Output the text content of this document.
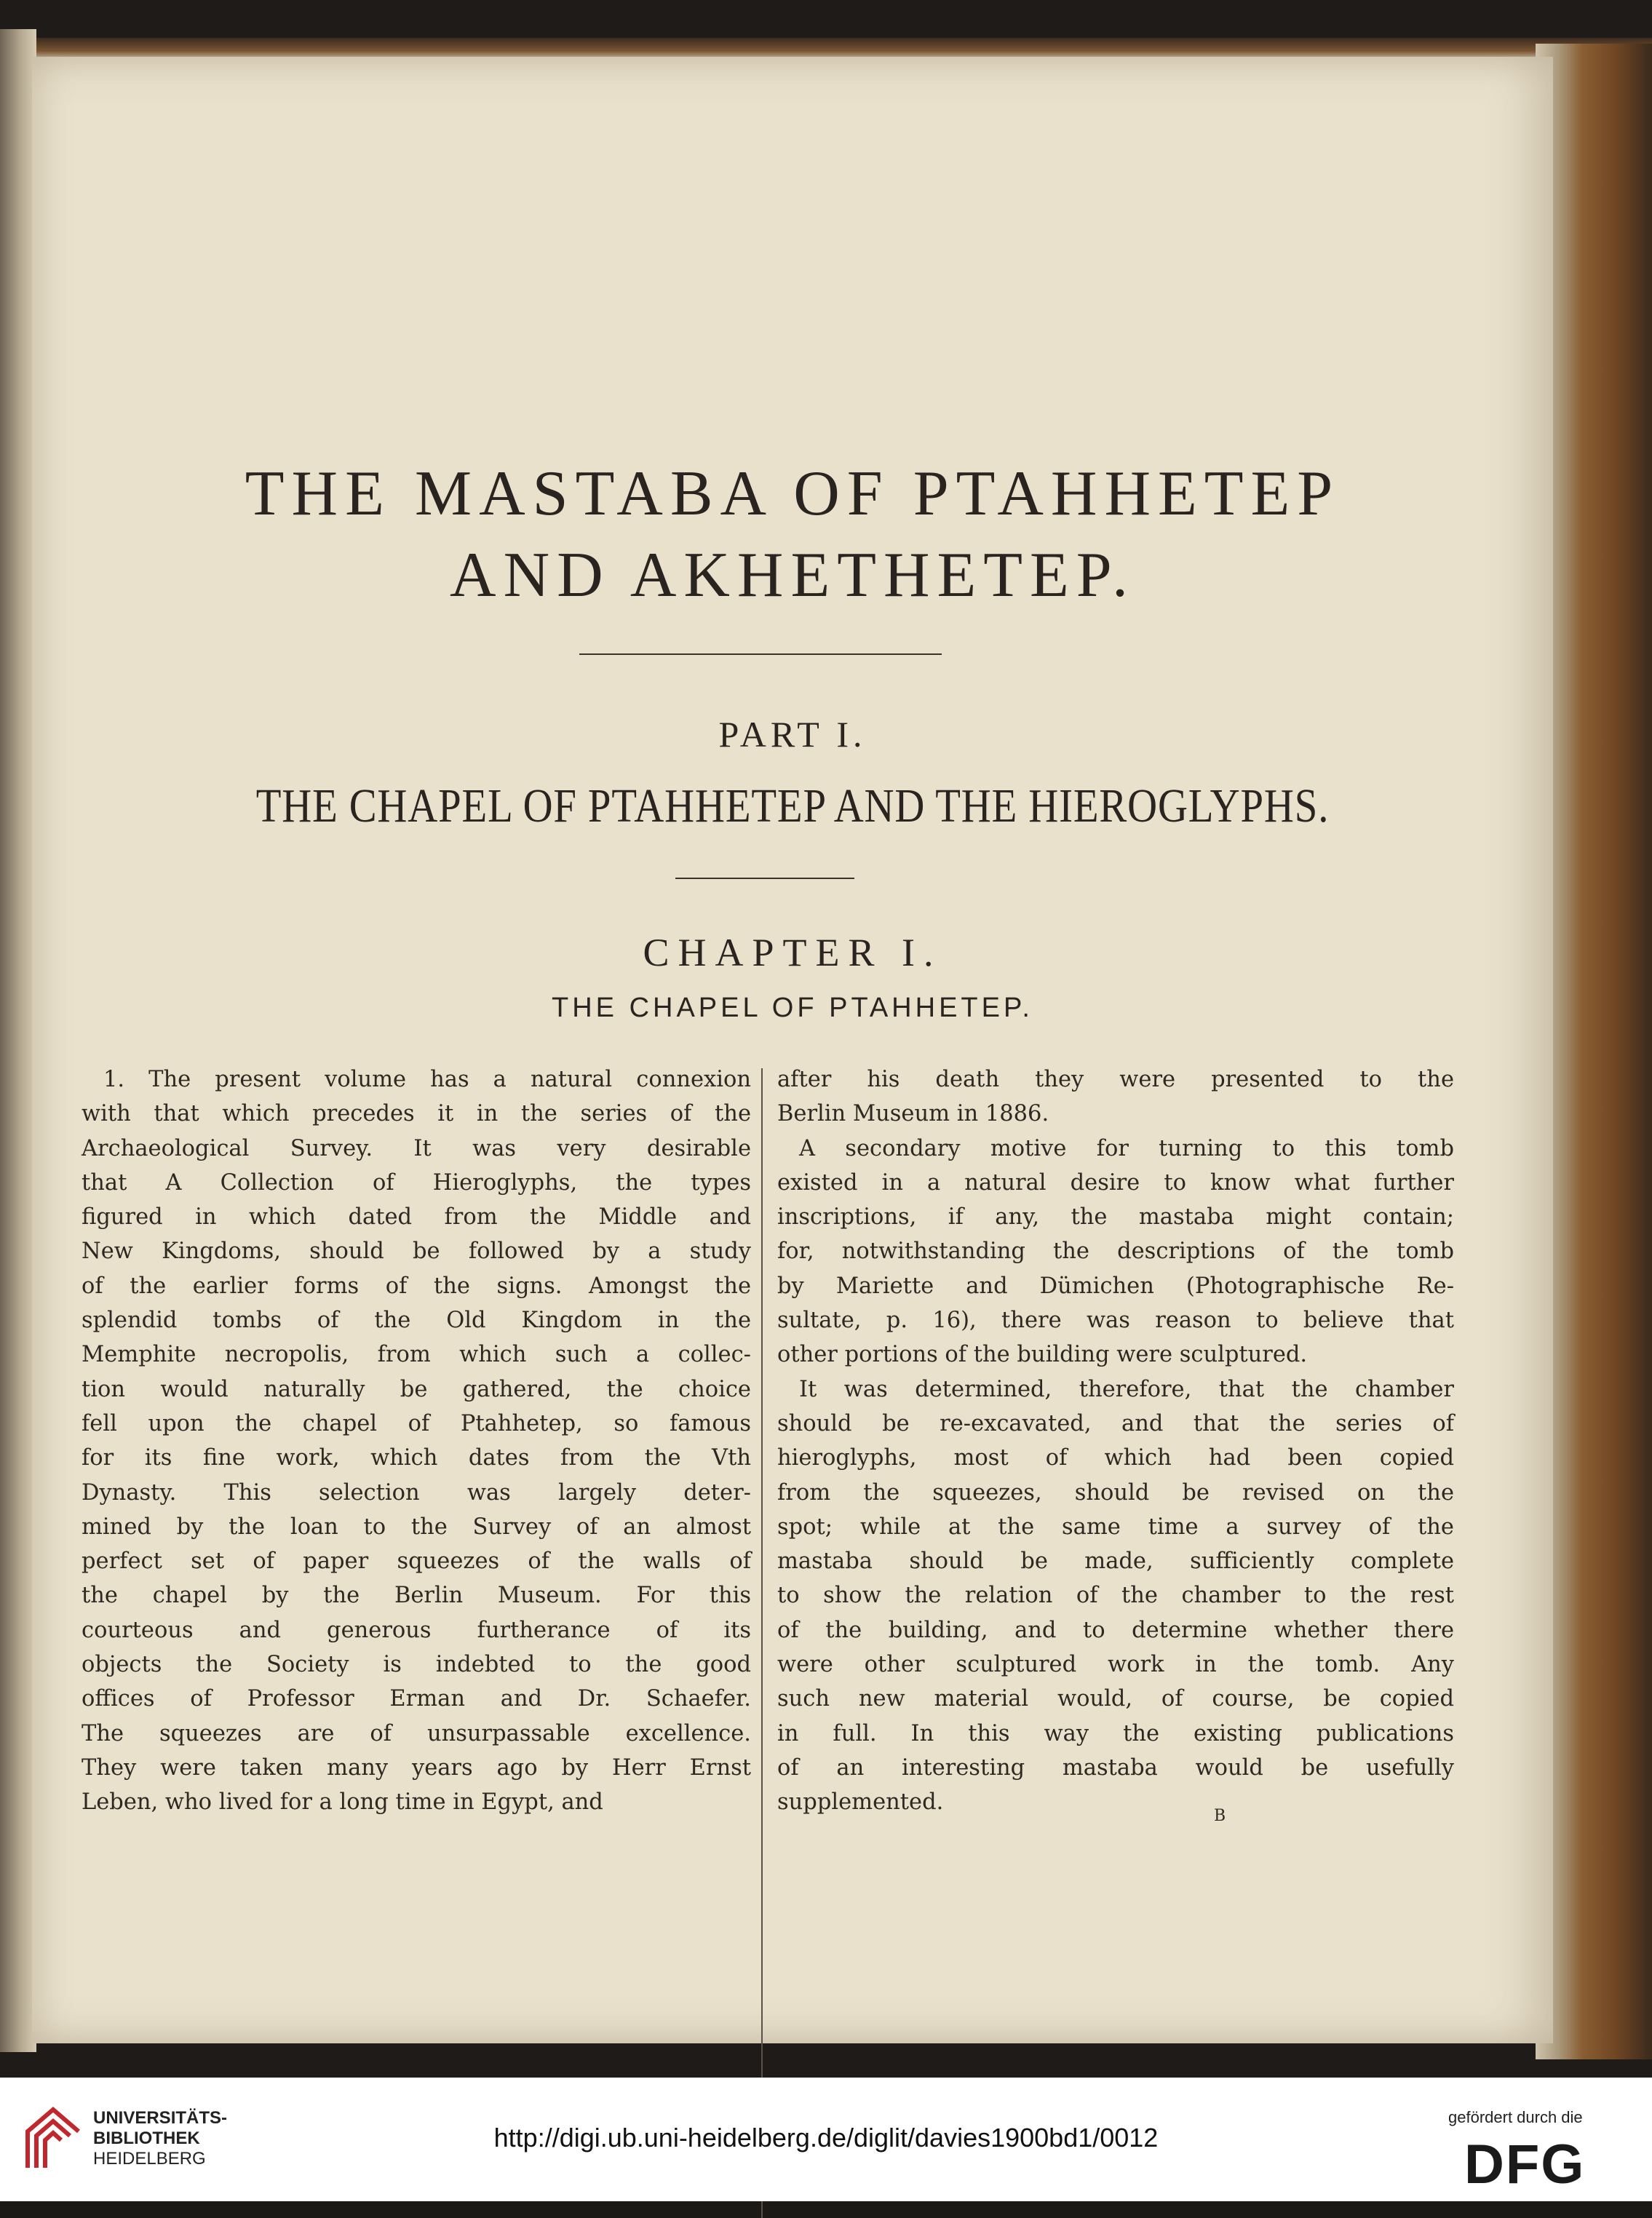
THE MASTABA OF PTAHHETEP
AND AKHETHETEP.
PART I.
THE CHAPEL OF PTAHHETEP AND THE HIEROGLYPHS.
CHAPTER I.
THE CHAPEL OF PTAHHETEP.
1. The present volume has a natural connexion
with that which precedes it in the series of the
Archaeological Survey. It was very desirable
that A Collection of Hieroglyphs, the types
figured in which dated from the Middle and
New Kingdoms, should be followed by a study
of the earlier forms of the signs. Amongst the
splendid tombs of the Old Kingdom in the
Memphite necropolis, from which such a collec-
tion would naturally be gathered, the choice
fell upon the chapel of Ptahhetep, so famous
for its fine work, which dates from the Vth
Dynasty. This selection was largely deter-
mined by the loan to the Survey of an almost
perfect set of paper squeezes of the walls of
the chapel by the Berlin Museum. For this
courteous and generous furtherance of its
objects the Society is indebted to the good
offices of Professor Erman and Dr. Schaefer.
The squeezes are of unsurpassable excellence.
They were taken many years ago by Herr Ernst
Leben, who lived for a long time in Egypt, and
after his death they were presented to the
Berlin Museum in 1886.
A secondary motive for turning to this tomb
existed in a natural desire to know what further
inscriptions, if any, the mastaba might contain;
for, notwithstanding the descriptions of the tomb
by Mariette and Dümichen (Photographische Re-
sultate, p. 16), there was reason to believe that
other portions of the building were sculptured.
It was determined, therefore, that the chamber
should be re-excavated, and that the series of
hieroglyphs, most of which had been copied
from the squeezes, should be revised on the
spot; while at the same time a survey of the
mastaba should be made, sufficiently complete
to show the relation of the chamber to the rest
of the building, and to determine whether there
were other sculptured work in the tomb. Any
such new material would, of course, be copied
in full. In this way the existing publications
of an interesting mastaba would be usefully
supplemented.
B
UNIVERSITÄTS-
BIBLIOTHEK
HEIDELBERG
http://digi.ub.uni-heidelberg.de/diglit/davies1900bd1/0012
gefördert durch die
DFG
